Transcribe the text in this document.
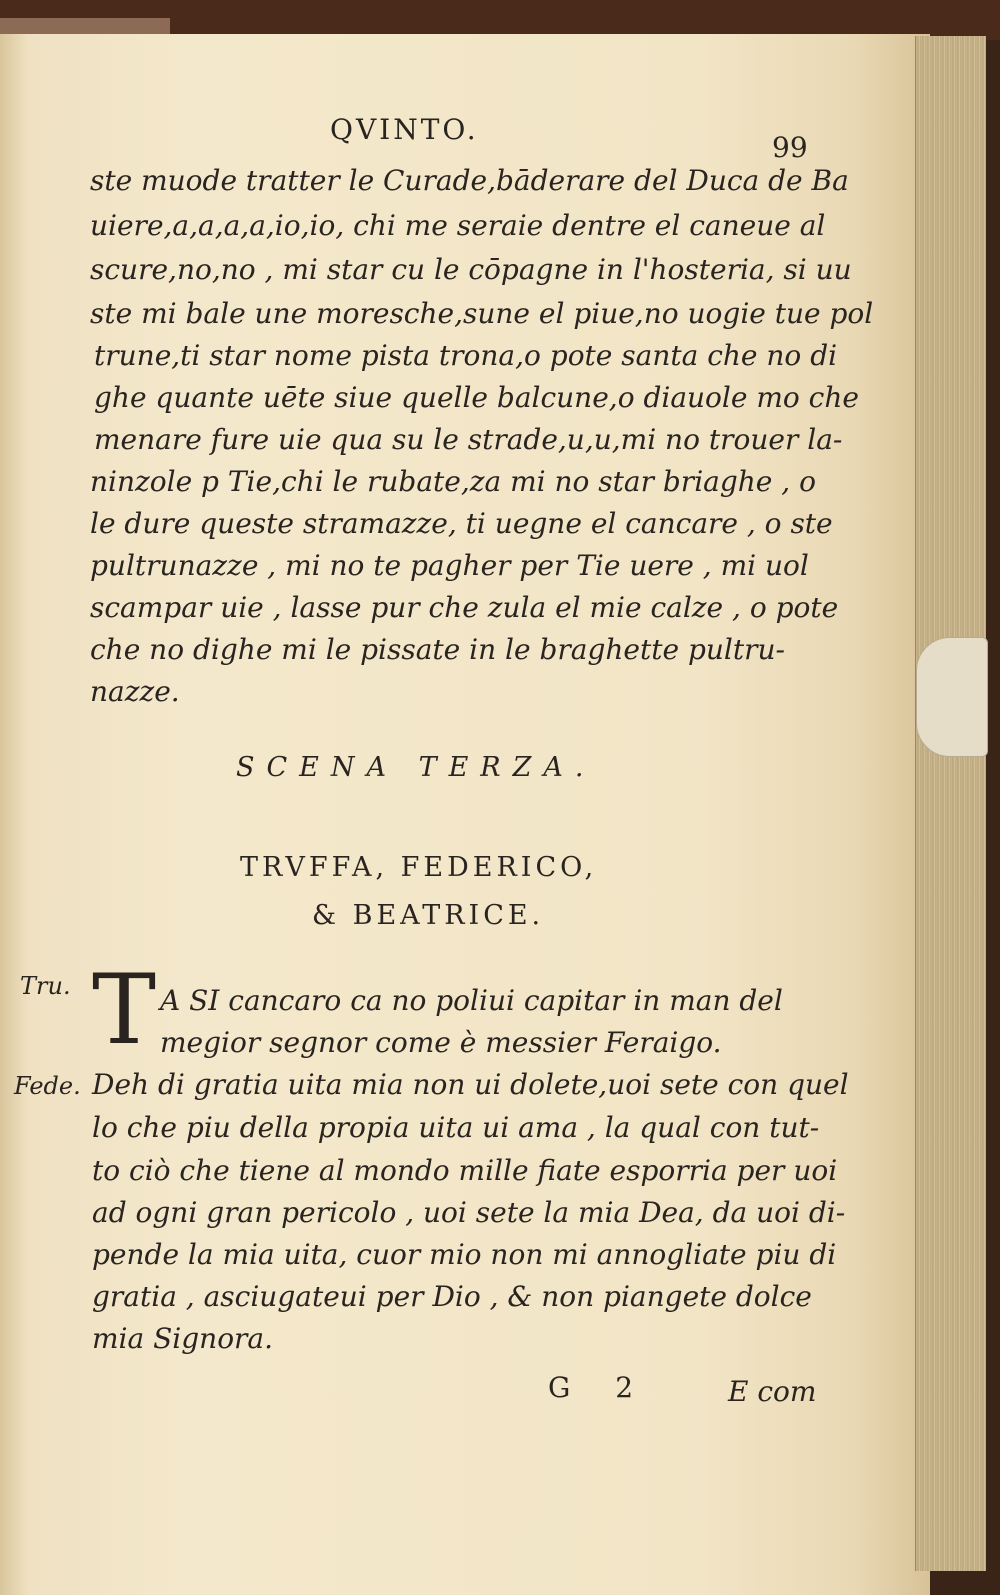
QVINTO.
99
ste muode tratter le Curade,bāderare del Duca de Ba
uiere,a,a,a,a,io,io, chi me seraie dentre el caneue al
scure,no,no , mi star cu le cōpagne in l'hosteria, si uu
ste mi bale une moresche,sune el piue,no uogie tue pol
trune,ti star nome pista trona,o pote santa che no di
ghe quante uēte siue quelle balcune,o diauole mo che
menare fure uie qua su le strade,u,u,mi no trouer la-
ninzole p Tie,chi le rubate,za mi no star briaghe , o
le dure queste stramazze, ti uegne el cancare , o ste
pultrunazze , mi no te pagher per Tie uere , mi uol
scampar uie , lasse pur che zula el mie calze , o pote
che no dighe mi le pissate in le braghette pultru-
nazze.
SCENA TERZA.
TRVFFA, FEDERICO,
& BEATRICE.
Tru. T A SI cancaro ca no poliui capitar in man del
megior segnor come è messier Feraigo.
Fede. Deh di gratia uita mia non ui dolete,uoi sete con quel
lo che piu della propia uita ui ama , la qual con tut-
to ciò che tiene al mondo mille fiate esporria per uoi
ad ogni gran pericolo , uoi sete la mia Dea, da uoi di-
pende la mia uita, cuor mio non mi annogliate piu di
gratia , asciugateui per Dio , & non piangete dolce
mia Signora.
G 2	E com
